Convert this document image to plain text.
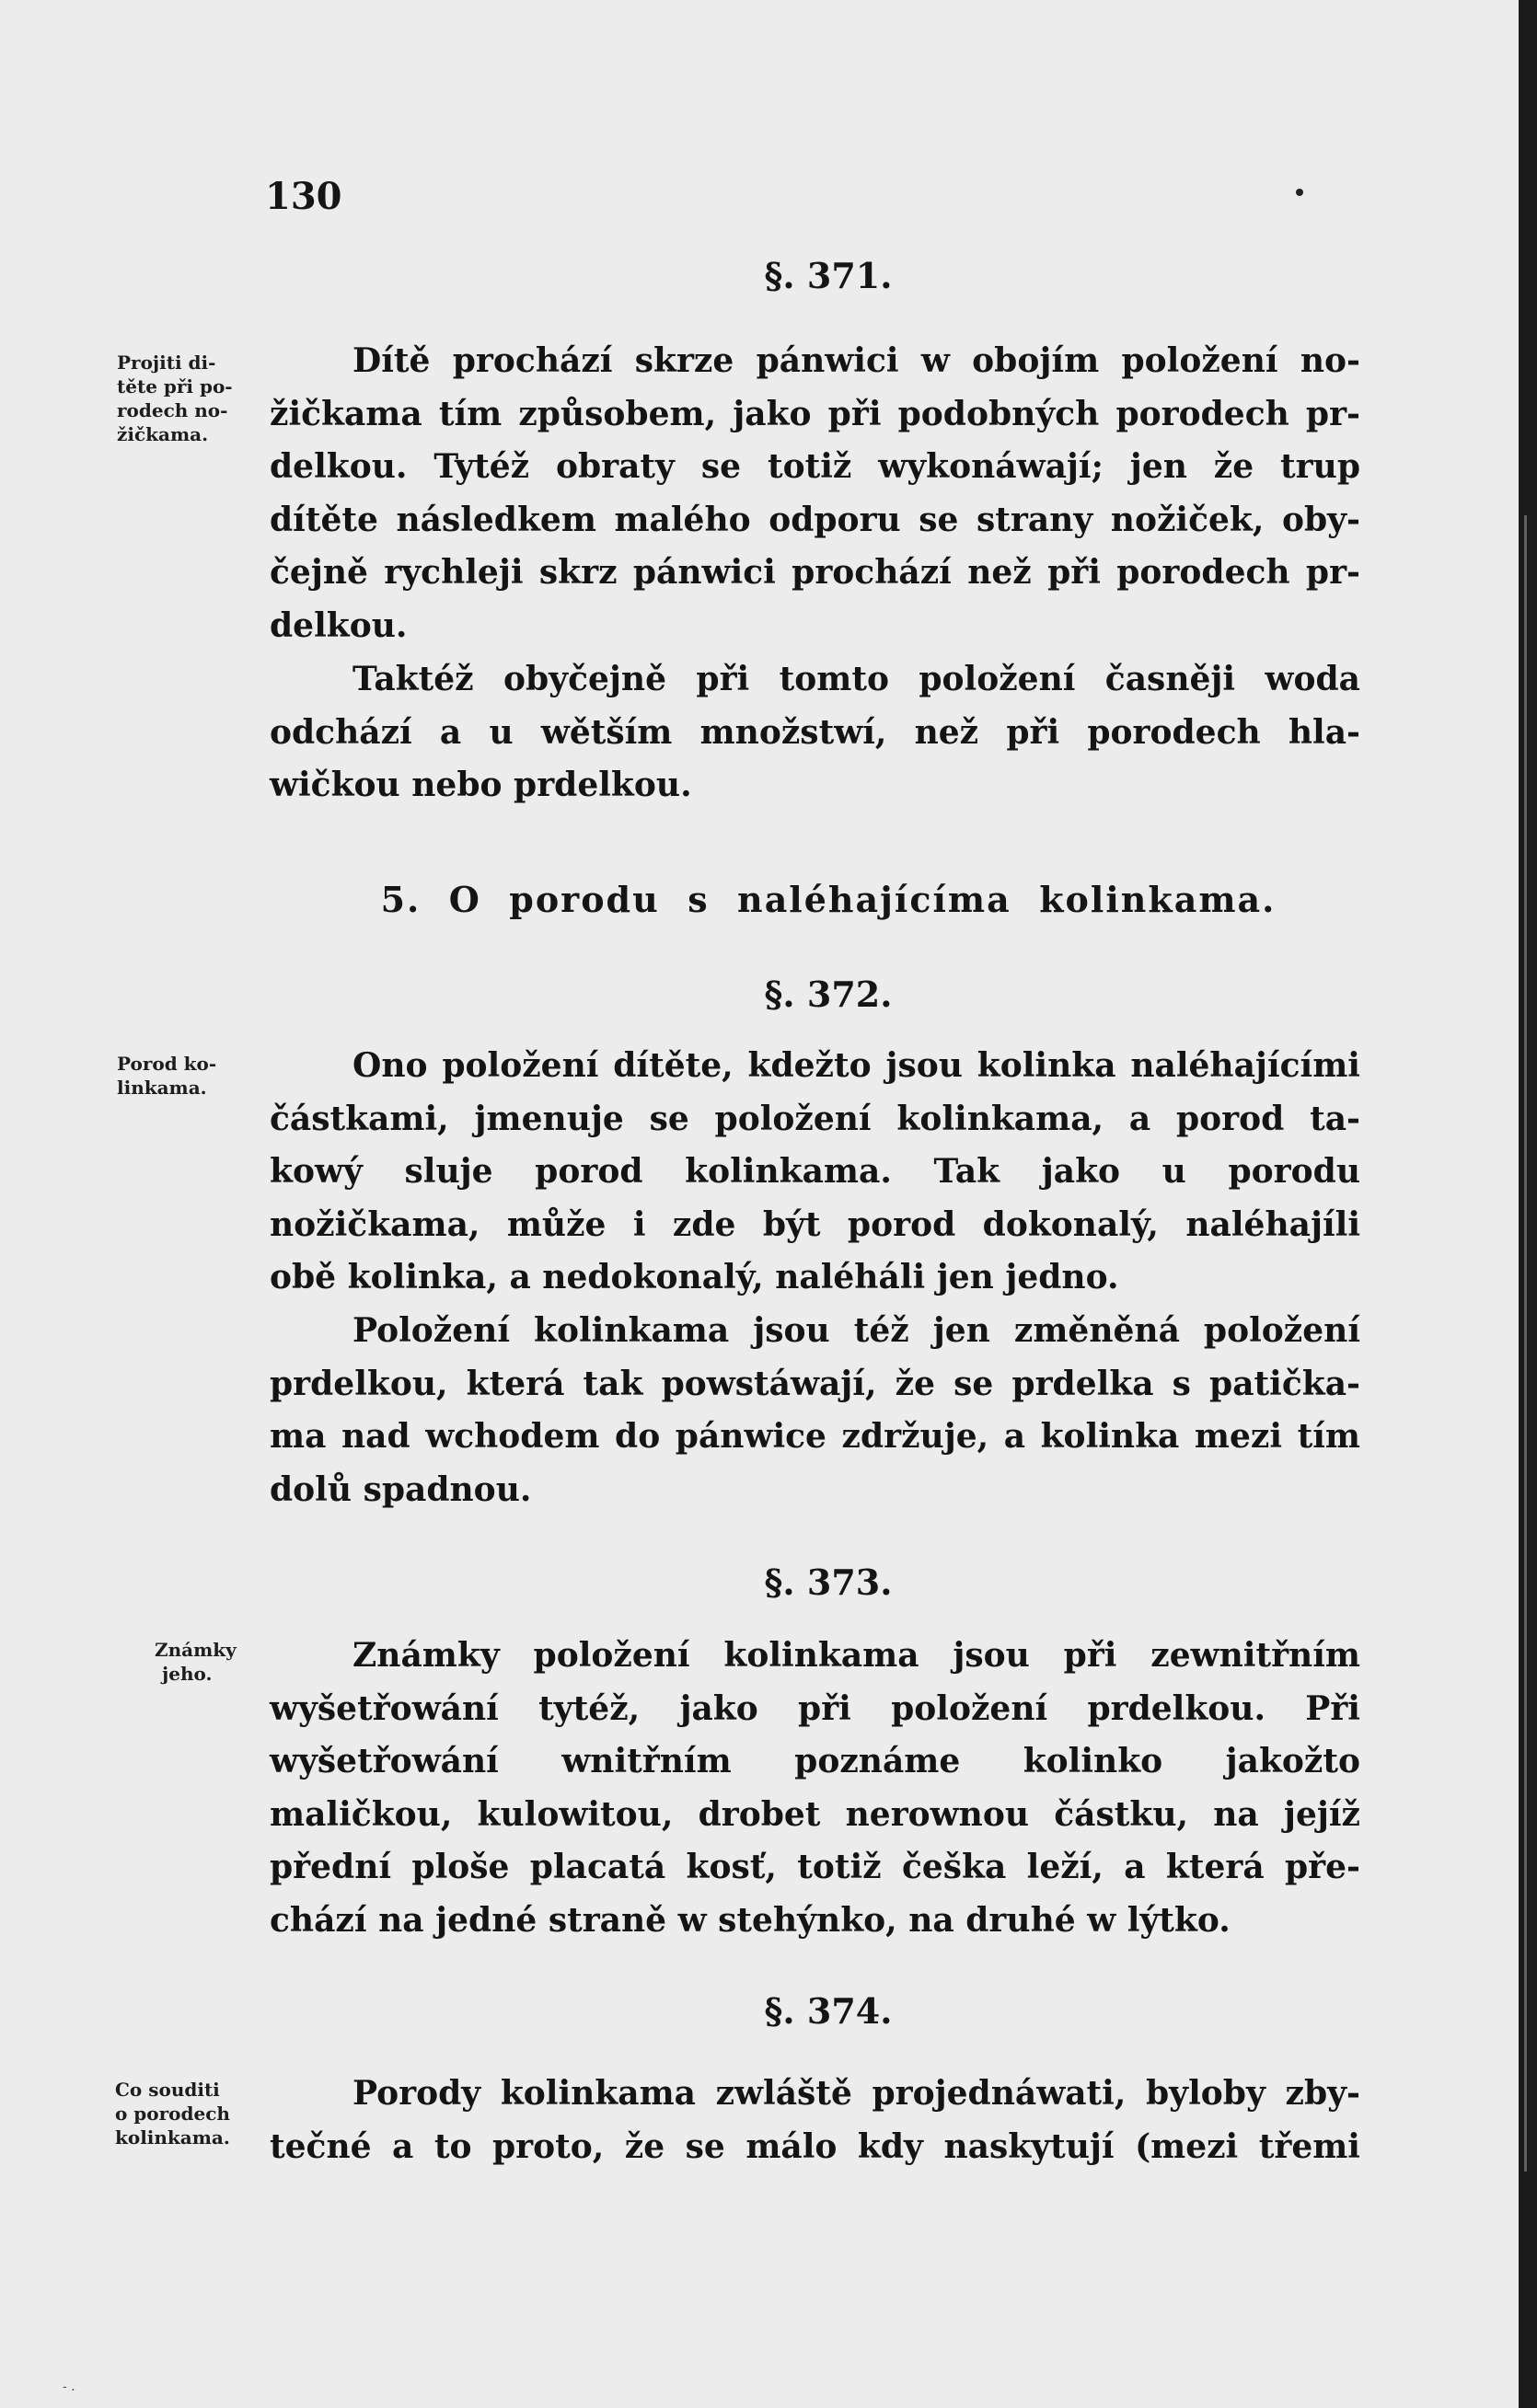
130
§. 371.
Projiti di-
těte při po-
rodech no-
žičkama.
Dítě prochází skrze pánwici w obojím položení no-
žičkama tím způsobem, jako při podobných porodech pr-
delkou. Tytéž obraty se totiž wykonáwají; jen že trup
dítěte následkem malého odporu se strany nožiček, oby-
čejně rychleji skrz pánwici prochází než při porodech pr-
delkou.
Taktéž obyčejně při tomto položení časněji woda
odchází a u wětším množstwí, než při porodech hla-
wičkou nebo prdelkou.
5.  O  porodu  s  naléhajícíma  kolinkama.
§. 372.
Porod ko-
linkama.
Ono položení dítěte, kdežto jsou kolinka naléhajícími
částkami, jmenuje se položení kolinkama, a porod ta-
kowý sluje porod kolinkama. Tak jako u porodu
nožičkama, může i zde být porod dokonalý, naléhajíli
obě kolinka, a nedokonalý, naléháli jen jedno.
Položení kolinkama jsou též jen změněná položení
prdelkou, která tak powstáwají, že se prdelka s patička-
ma nad wchodem do pánwice zdržuje, a kolinka mezi tím
dolů spadnou.
§. 373.
Známky
jeho.	Známky položení kolinkama jsou při zewnitřním
wyšetřowání tytéž, jako při položení prdelkou. Při
wyšetřowání wnitřním poznáme kolinko jakožto
maličkou, kulowitou, drobet nerownou částku, na jejíž
přední ploše placatá kosť, totiž češka leží, a která pře-
chází na jedné straně w stehýnko, na druhé w lýtko.
§. 374.
Co souditi
o porodech
kolinkama.
Porody kolinkama zwláště projednáwati, byloby zby-
tečné a to proto, že se málo kdy naskytují (mezi třemi
- .
